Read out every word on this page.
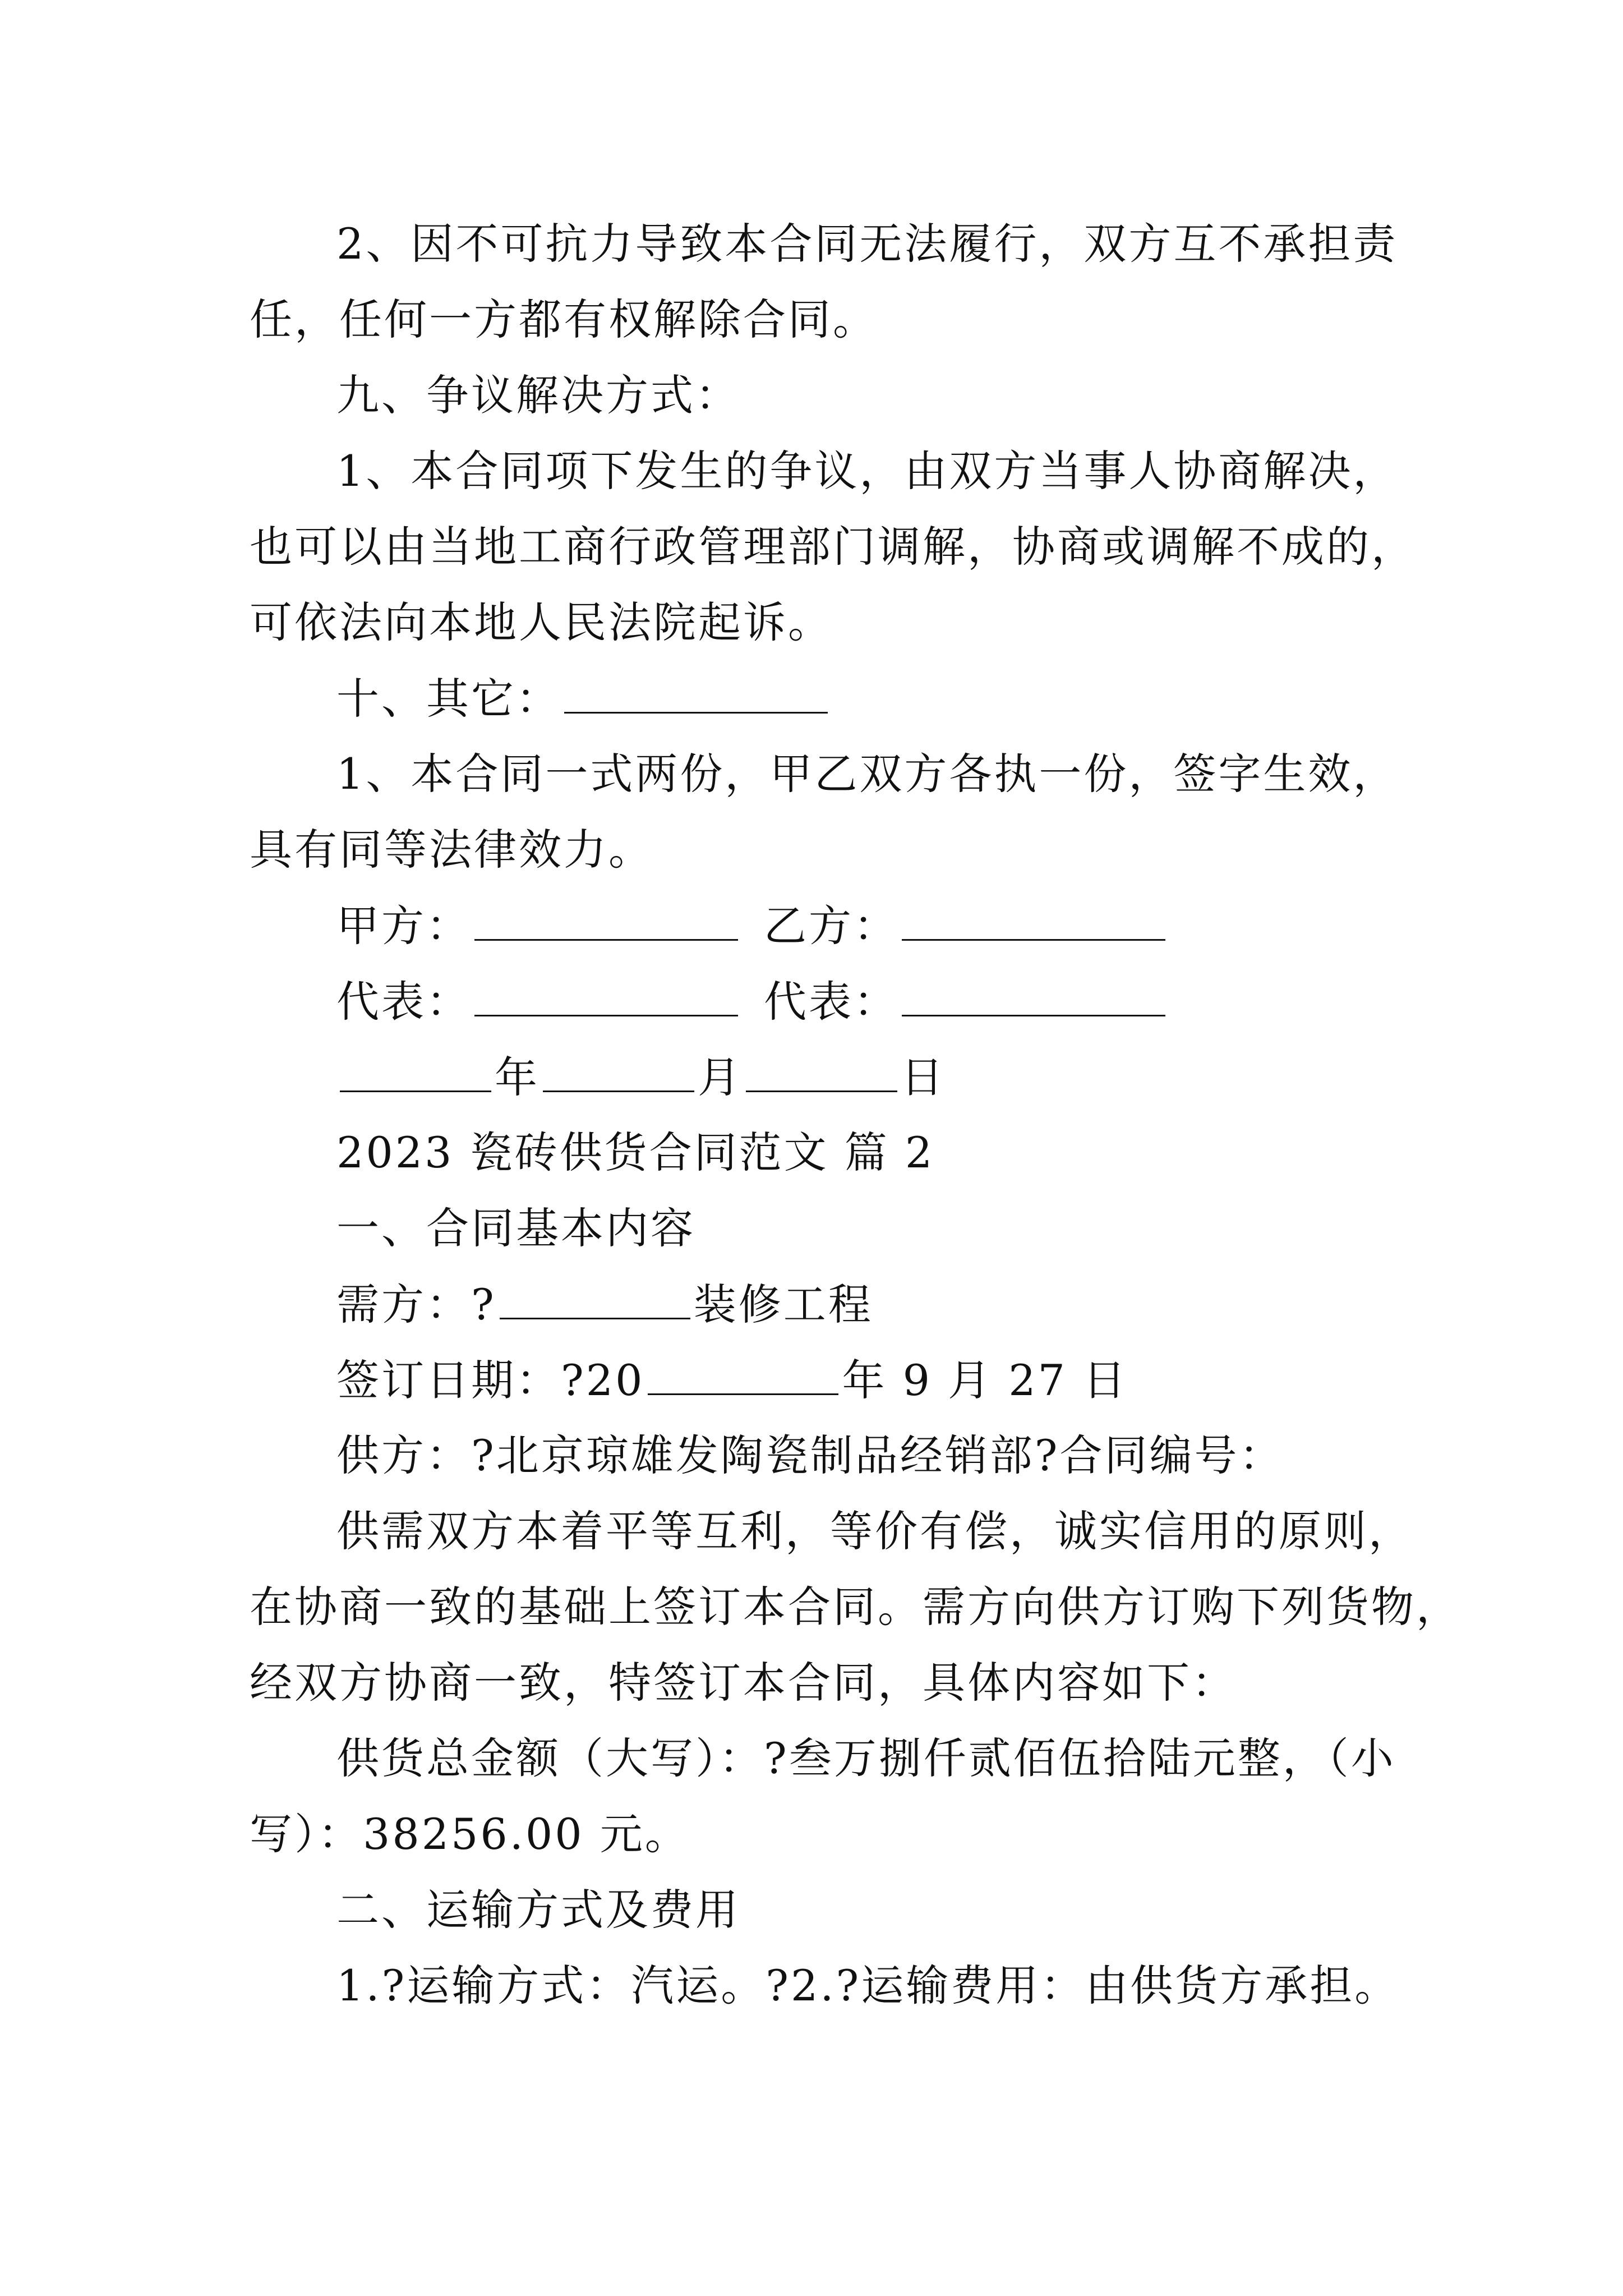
2、因不可抗力导致本合同无法履行，双方互不承担责
任，任何一方都有权解除合同。
九、争议解决方式：
1、本合同项下发生的争议，由双方当事人协商解决，
也可以由当地工商行政管理部门调解，协商或调解不成的，
可依法向本地人民法院起诉。
十、其它：
1、本合同一式两份，甲乙双方各执一份，签字生效，
具有同等法律效力。
甲方：	乙方：
代表：	代表：
年	月	日
2023 瓷砖供货合同范文 篇 2
一、合同基本内容
需方：?	装修工程
签订日期：?20	年 9 月 27 日
供方：?北京琼雄发陶瓷制品经销部?合同编号：
供需双方本着平等互利，等价有偿，诚实信用的原则，
在协商一致的基础上签订本合同。需方向供方订购下列货物，
经双方协商一致，特签订本合同，具体内容如下：
供货总金额（大写）：?叁万捌仟贰佰伍拾陆元整，（小
写）：38256.00 元。
二、运输方式及费用
1.?运输方式：汽运。?2.?运输费用：由供货方承担。
